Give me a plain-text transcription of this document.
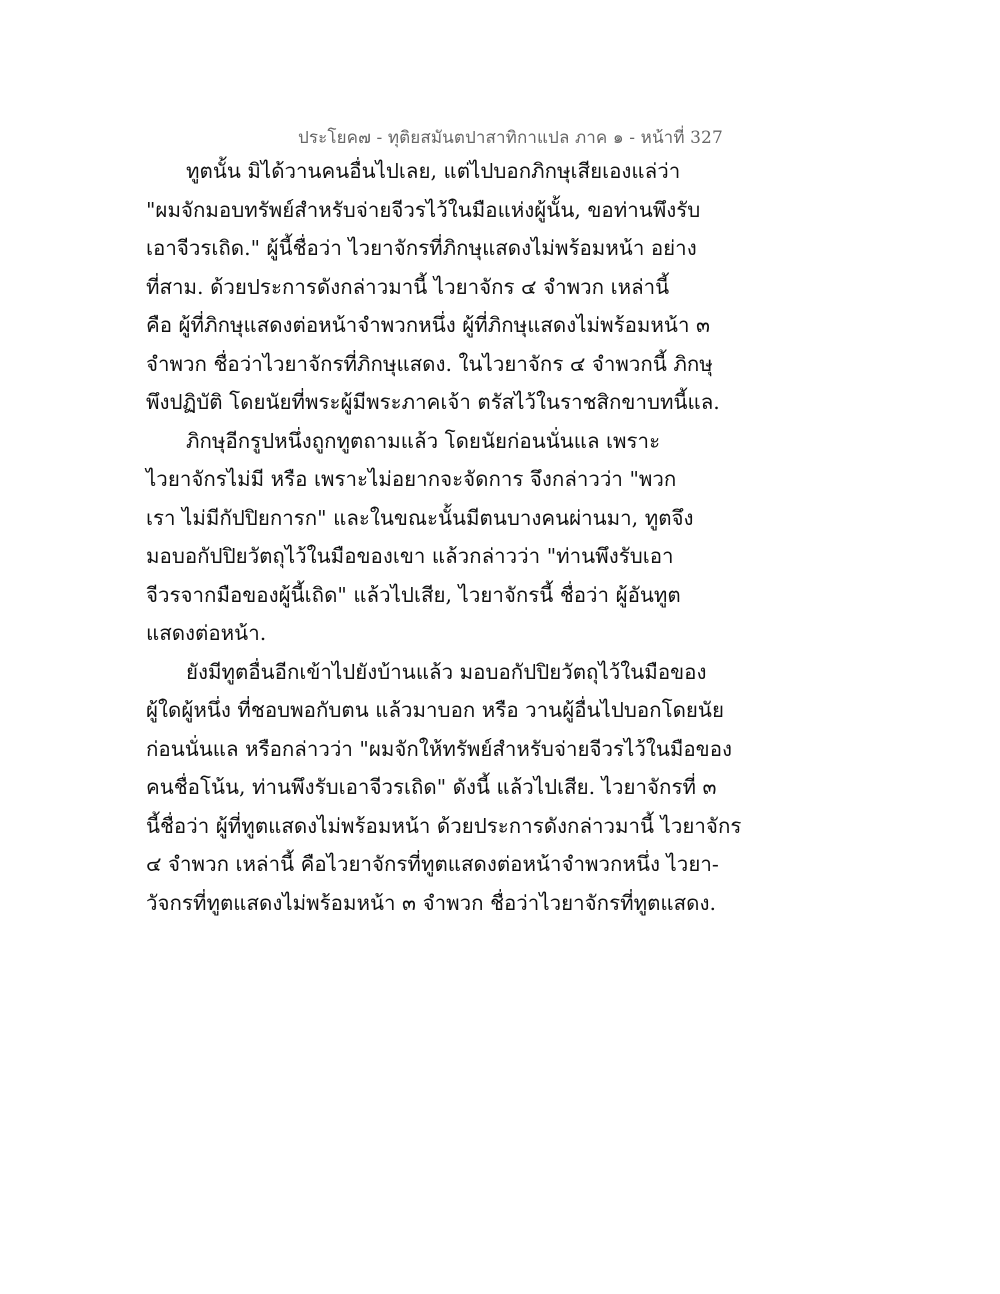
ประโยค๗ - ทุติยสมันตปาสาทิกาแปล ภาค ๑ - หน้าที่ 327
ทูตนั้น มิได้วานคนอื่นไปเลย, แต่ไปบอกภิกษุเสียเองแล่ว่า
"ผมจักมอบทรัพย์สำหรับจ่ายจีวรไว้ในมือแห่งผู้นั้น, ขอท่านพึงรับ
เอาจีวรเถิด." ผู้นี้ชื่อว่า ไวยาจักรที่ภิกษุแสดงไม่พร้อมหน้า อย่าง
ที่สาม. ด้วยประการดังกล่าวมานี้ ไวยาจักร ๔ จำพวก เหล่านี้
คือ ผู้ที่ภิกษุแสดงต่อหน้าจำพวกหนึ่ง ผู้ที่ภิกษุแสดงไม่พร้อมหน้า ๓
จำพวก ชื่อว่าไวยาจักรที่ภิกษุแสดง. ในไวยาจักร ๔ จำพวกนี้ ภิกษุ
พึงปฏิบัติ โดยนัยที่พระผู้มีพระภาคเจ้า ตรัสไว้ในราชสิกขาบทนี้แล.
ภิกษุอีกรูปหนึ่งถูกทูตถามแล้ว โดยนัยก่อนนั่นแล เพราะ
ไวยาจักรไม่มี หรือ เพราะไม่อยากจะจัดการ จึงกล่าวว่า "พวก
เรา ไม่มีกัปปิยการก" และในขณะนั้นมีตนบางคนผ่านมา, ทูตจึง
มอบอกัปปิยวัตถุไว้ในมือของเขา แล้วกล่าวว่า "ท่านพึงรับเอา
จีวรจากมือของผู้นี้เถิด" แล้วไปเสีย, ไวยาจักรนี้ ชื่อว่า ผู้อันทูต
แสดงต่อหน้า.
ยังมีทูตอื่นอีกเข้าไปยังบ้านแล้ว มอบอกัปปิยวัตถุไว้ในมือของ
ผู้ใดผู้หนึ่ง ที่ชอบพอกับตน แล้วมาบอก หรือ วานผู้อื่นไปบอกโดยนัย
ก่อนนั่นแล หรือกล่าวว่า "ผมจักให้ทรัพย์สำหรับจ่ายจีวรไว้ในมือของ
คนชื่อโน้น, ท่านพึงรับเอาจีวรเถิด" ดังนี้ แล้วไปเสีย. ไวยาจักรที่ ๓
นี้ชื่อว่า ผู้ที่ทูตแสดงไม่พร้อมหน้า ด้วยประการดังกล่าวมานี้ ไวยาจักร
๔ จำพวก เหล่านี้ คือไวยาจักรที่ทูตแสดงต่อหน้าจำพวกหนึ่ง ไวยา-
วัจกรที่ทูตแสดงไม่พร้อมหน้า ๓ จำพวก ชื่อว่าไวยาจักรที่ทูตแสดง.
